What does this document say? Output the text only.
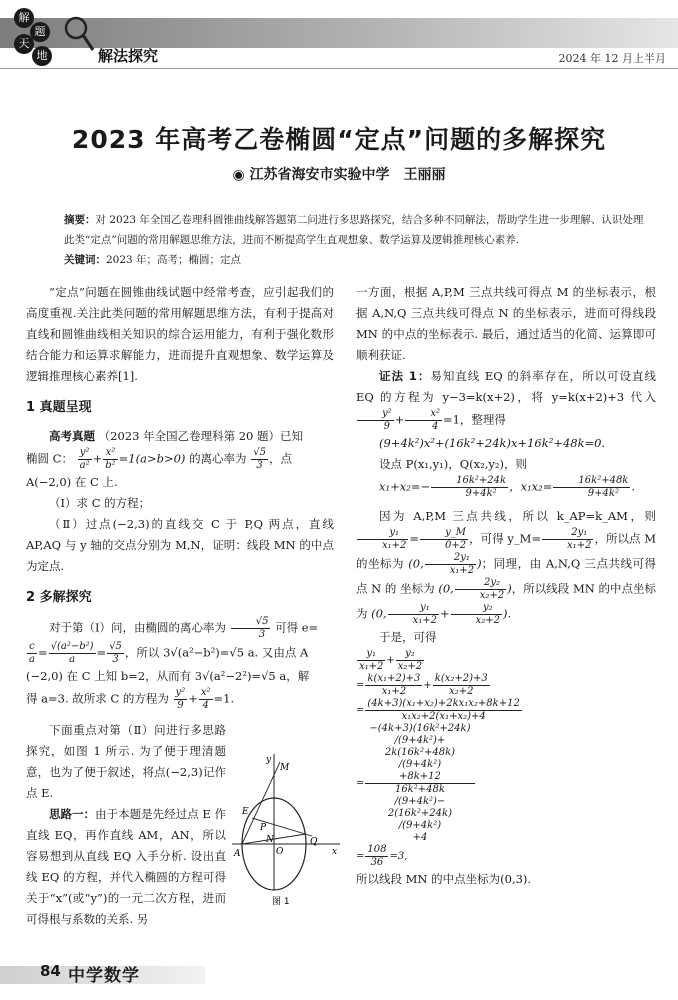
解
题
天
地	解法探究	2024 年 12 月上半月
2023 年高考乙卷椭圆“定点”问题的多解探究
◉ 江苏省海安市实验中学　王丽丽
摘要：对 2023 年全国乙卷理科圆锥曲线解答题第二问进行多思路探究，结合多种不同解法，帮助学生进一步理解、认识处理此类“定点”问题的常用解题思维方法，进而不断提高学生直观想象、数学运算及逻辑推理核心素养.
关键词：2023 年；高考；椭圆；定点

“定点”问题在圆锥曲线试题中经常考查，应引起我们的高度重视.关注此类问题的常用解题思维方法，有利于提高对直线和圆锥曲线相关知识的综合运用能力，有利于强化数形结合能力和运算求解能力，进而提升直观想象、数学运算及逻辑推理核心素养[1].

1 真题呈现

高考真题 （2023 年全国乙卷理科第 20 题）已知

椭圆 C： $\frac{\text{y²}}{\text{a²}} + \frac{\text{x²}}{\text{b²}} =1(a>b>0)$ 的离心率为 $\frac{√5}{3}$ ，点

A(−2,0) 在 C 上.

（Ⅰ）求 C 的方程；

（Ⅱ）过点(−2,3)的直线交 C 于 P,Q 两点，直线 AP,AQ 与 y 轴的交点分别为 M,N，证明：线段 MN 的中点为定点.

2 多解探究

对于第（Ⅰ）问，由椭圆的离心率为 $\frac{√5}{3}$ 可得 e=

$\frac{c}{a} = \frac{\text{√(a²−b²)}}{a} = \frac{√5}{3}$ ，所以 3√(a²−b²)=√5 a. 又由点 A

(−2,0) 在 C 上知 b=2，从而有 3√(a²−2²)=√5 a，解

得 a=3. 故所求 C 的方程为 $\frac{\text{y²}}{9} + \frac{\text{x²}}{4} =1$.

下面重点对第（Ⅱ）问进行多思路探究，如图 1 所示. 为了便于理清题意，也为了便于叙述，将点(−2,3)记作点 E.

思路一：由于本题是先经过点 E 作直线 EQ，再作直线 AM，AN，所以容易想到从直线 EQ 入手分析. 设出直线 EQ 的方程，并代入椭圆的方程可得关于“x”(或“y”)的一元二次方程，进而可得根与系数的关系. 另

y
M
E
P
N
O
A
Q
x
图 1

一方面，根据 A,P,M 三点共线可得点 M 的坐标表示，根据 A,N,Q 三点共线可得点 N 的坐标表示，进而可得线段 MN 的中点的坐标表示. 最后，通过适当的化简、运算即可顺利获证.

证法 1：易知直线 EQ 的斜率存在，所以可设直线 EQ 的方程为 y−3=k(x+2)，将 y=k(x+2)+3 代入
$\frac{\text{y²}}{9} + \frac{\text{x²}}{4} =1$，整理得

(9+4k²)x²+(16k²+24k)x+16k²+48k=0.

设点 P(x₁,y₁)，Q(x₂,y₂)，则

$x_1+x_2=- \frac{\text{16k²+24k}}{\text{9+4k²}}$ ，$x_1x_2= \frac{\text{16k²+48k}}{\text{9+4k²}}$ .

因为 A,P,M 三点共线，所以 k_AP=k_AM，则
$\frac{\text{y₁}}{\text{x₁+2}} = \frac{y\_M}{0+2}$ ，可得 y_M= $\frac{\text{2y₁}}{\text{x₁+2}}$ ，所以点 M 的坐标为 (0, $\frac{\text{2y₁}}{\text{x₁+2}}$ )；同理，由 A,N,Q 三点共线可得点 N 的 坐标为 (0, $\frac{\text{2y₂}}{\text{x₂+2}}$ )，所以线段 MN 的中点坐标为 (0, $\frac{\text{y₁}}{\text{x₁+2}} + \frac{\text{y₂}}{\text{x₂+2}}$ ).

于是，可得

$\frac{\text{y₁}}{\text{x₁+2}} + \frac{\text{y₂}}{\text{x₂+2}}$

= $\frac{\text{k(x₁+2)+3}}{\text{x₁+2}} + \frac{\text{k(x₂+2)+3}}{\text{x₂+2}}$

= $\frac{\text{(4k+3)(x₁+x₂)+2kx₁x₂+8k+12}}{\text{x₁x₂+2(x₁+x₂)+4}}$

= −(4k+3)(16k²+24k)
/(9+4k²)+
2k(16k²+48k)
/(9+4k²)
+8k+12
16k²+48k
/(9+4k²)−
2(16k²+24k)
/(9+4k²)
+4

= $\frac{108}{36} =3$,

所以线段 MN 的中点坐标为(0,3).

84 中学数学
